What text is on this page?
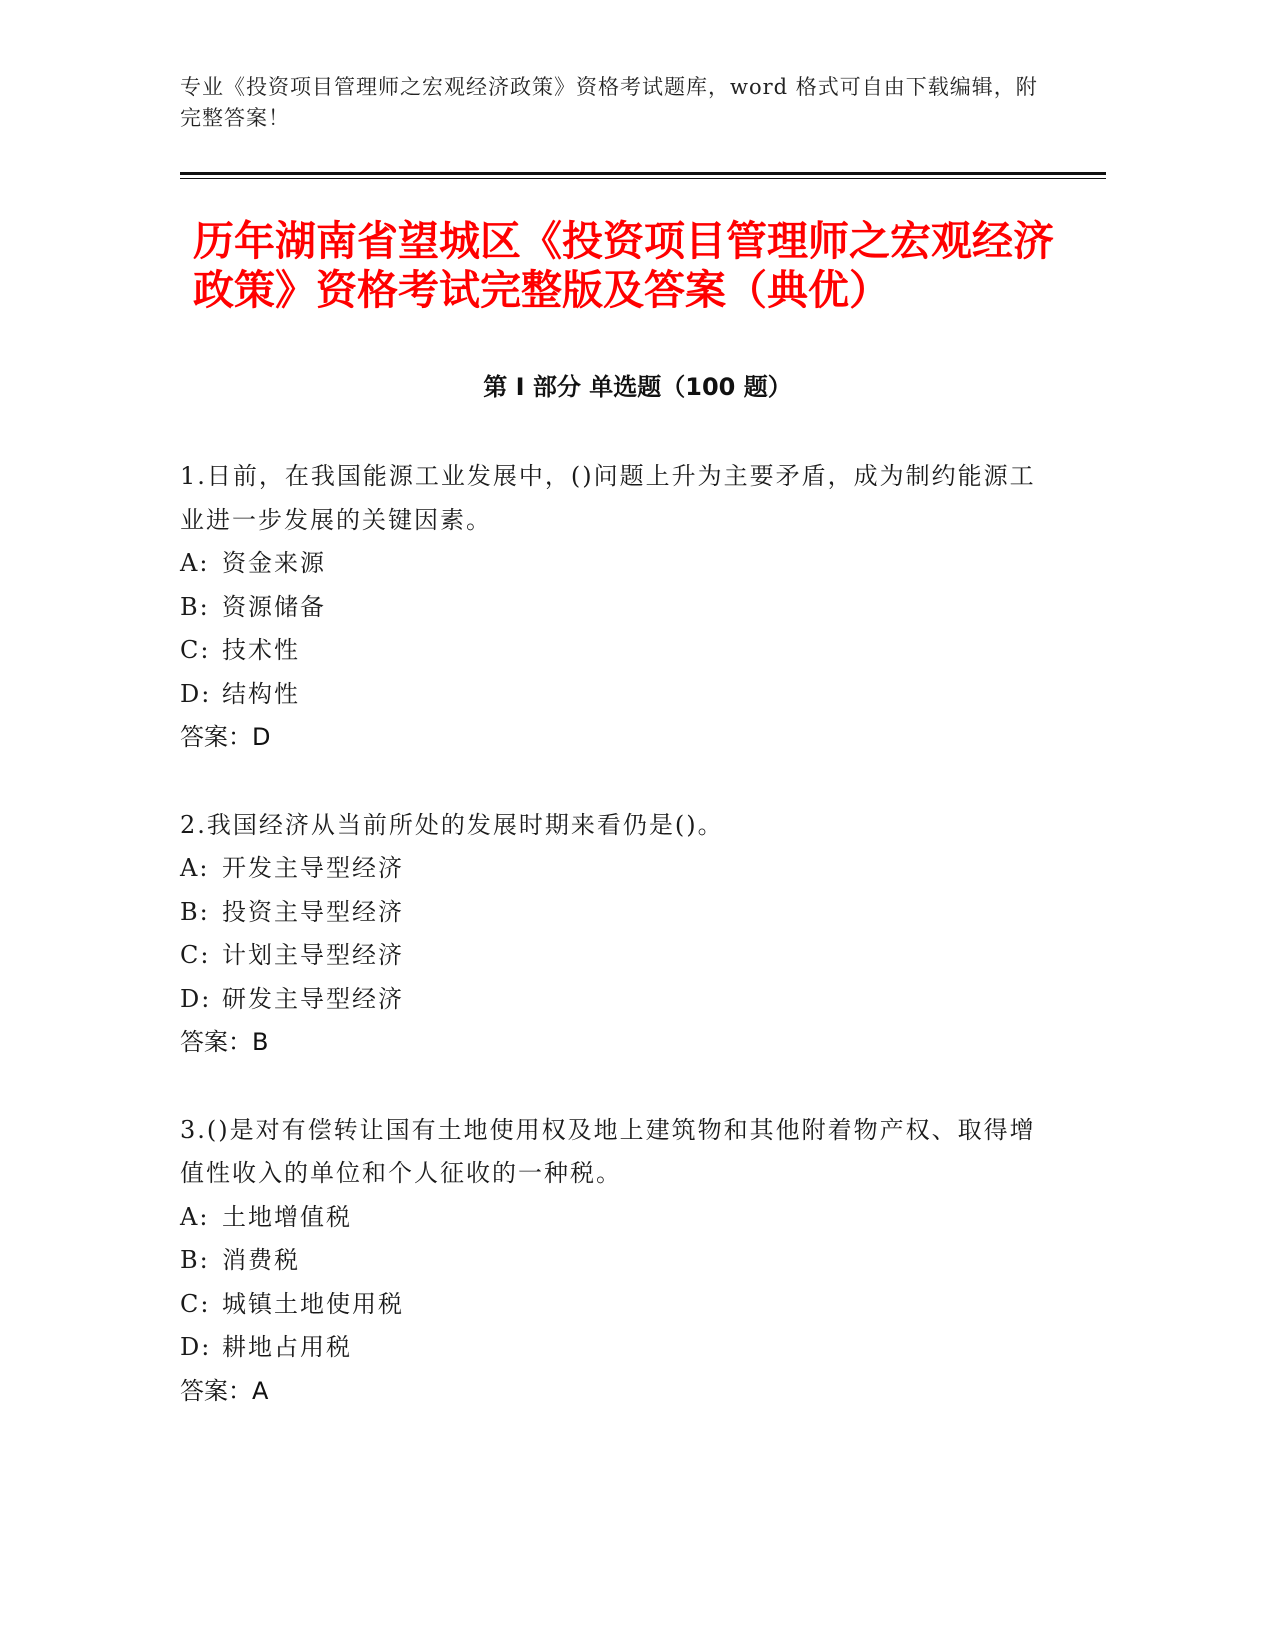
专业《投资项目管理师之宏观经济政策》资格考试题库，word 格式可自由下载编辑，附完整答案！
历年湖南省望城区《投资项目管理师之宏观经济政策》资格考试完整版及答案（典优）
第 I 部分 单选题（100 题）

1.日前，在我国能源工业发展中，()问题上升为主要矛盾，成为制约能源工业进一步发展的关键因素。

A: 资金来源

B: 资源储备

C: 技术性

D: 结构性

答案：D

2.我国经济从当前所处的发展时期来看仍是()。

A: 开发主导型经济

B: 投资主导型经济

C: 计划主导型经济

D: 研发主导型经济

答案：B

3.()是对有偿转让国有土地使用权及地上建筑物和其他附着物产权、取得增值性收入的单位和个人征收的一种税。

A: 土地增值税

B: 消费税

C: 城镇土地使用税

D: 耕地占用税

答案：A
